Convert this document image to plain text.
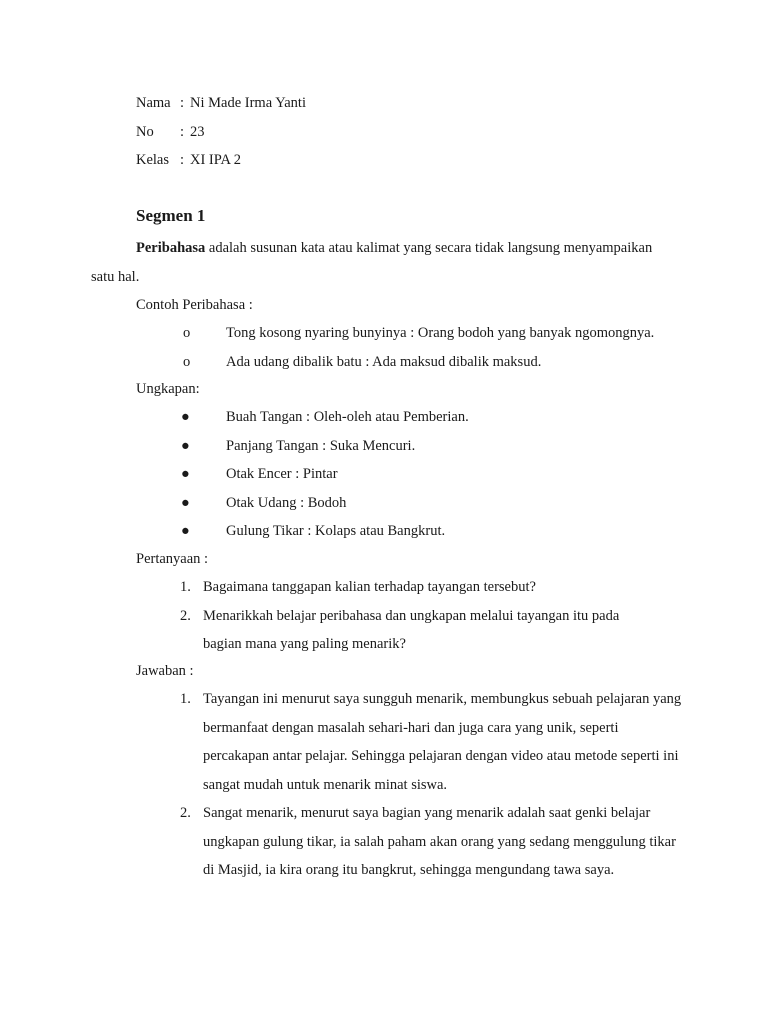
Nama : Ni Made Irma Yanti
No	: 23
Kelas : XI IPA 2
Segmen 1
Peribahasa adalah susunan kata atau kalimat yang secara tidak langsung menyampaikan
satu hal.
Contoh Peribahasa :
o	Tong kosong nyaring bunyinya : Orang bodoh yang banyak ngomongnya.
o	Ada udang dibalik batu : Ada maksud dibalik maksud.
Ungkapan:
●	Buah Tangan : Oleh-oleh atau Pemberian.
●	Panjang Tangan : Suka Mencuri.
●	Otak Encer : Pintar
●	Otak Udang : Bodoh
●	Gulung Tikar : Kolaps atau Bangkrut.
Pertanyaan :
1. Bagaimana tanggapan kalian terhadap tayangan tersebut?
2. Menarikkah belajar peribahasa dan ungkapan melalui tayangan itu pada bagian mana yang paling menarik?
Jawaban :
1. Tayangan ini menurut saya sungguh menarik, membungkus sebuah pelajaran yang bermanfaat dengan masalah sehari-hari dan juga cara yang unik, seperti percakapan antar pelajar. Sehingga pelajaran dengan video atau metode seperti ini sangat mudah untuk menarik minat siswa.
2. Sangat menarik, menurut saya bagian yang menarik adalah saat genki belajar ungkapan gulung tikar, ia salah paham akan orang yang sedang menggulung tikar di Masjid, ia kira orang itu bangkrut, sehingga mengundang tawa saya.
